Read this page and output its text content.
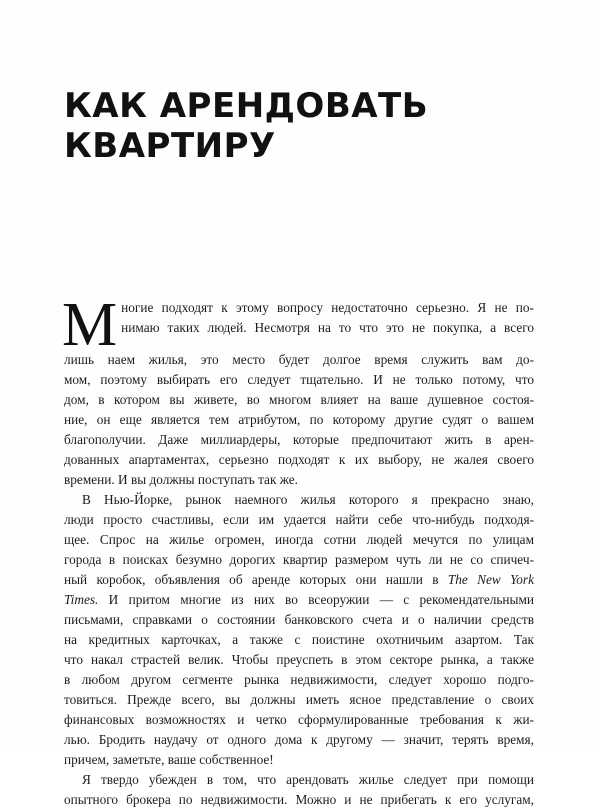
КАК АРЕНДОВАТЬ
КВАРТИРУ
М ногие подходят к этому вопросу недостаточно серьезно. Я не по-
нимаю таких людей. Несмотря на то что это не покупка, а всего
лишь наем жилья, это место будет долгое время служить вам до-
мом, поэтому выбирать его следует тщательно. И не только потому, что
дом, в котором вы живете, во многом влияет на ваше душевное состоя-
ние, он еще является тем атрибутом, по которому другие судят о вашем
благополучии. Даже миллиардеры, которые предпочитают жить в арен-
дованных апартаментах, серьезно подходят к их выбору, не жалея своего
времени. И вы должны поступать так же.
В Нью-Йорке, рынок наемного жилья которого я прекрасно знаю,
люди просто счастливы, если им удается найти себе что-нибудь подходя-
щее. Спрос на жилье огромен, иногда сотни людей мечутся по улицам
города в поисках безумно дорогих квартир размером чуть ли не со спичеч-
ный коробок, объявления об аренде которых они нашли в The New York
Times. И притом многие из них во всеоружии — с рекомендательными
письмами, справками о состоянии банковского счета и о наличии средств
на кредитных карточках, а также с поистине охотничьим азартом. Так
что накал страстей велик. Чтобы преуспеть в этом секторе рынка, а также
в любом другом сегменте рынка недвижимости, следует хорошо подго-
товиться. Прежде всего, вы должны иметь ясное представление о своих
финансовых возможностях и четко сформулированные требования к жи-
лью. Бродить наудачу от одного дома к другому — значит, терять время,
причем, заметьте, ваше собственное!
Я твердо убежден в том, что арендовать жилье следует при помощи
опытного брокера по недвижимости. Можно и не прибегать к его услугам,
